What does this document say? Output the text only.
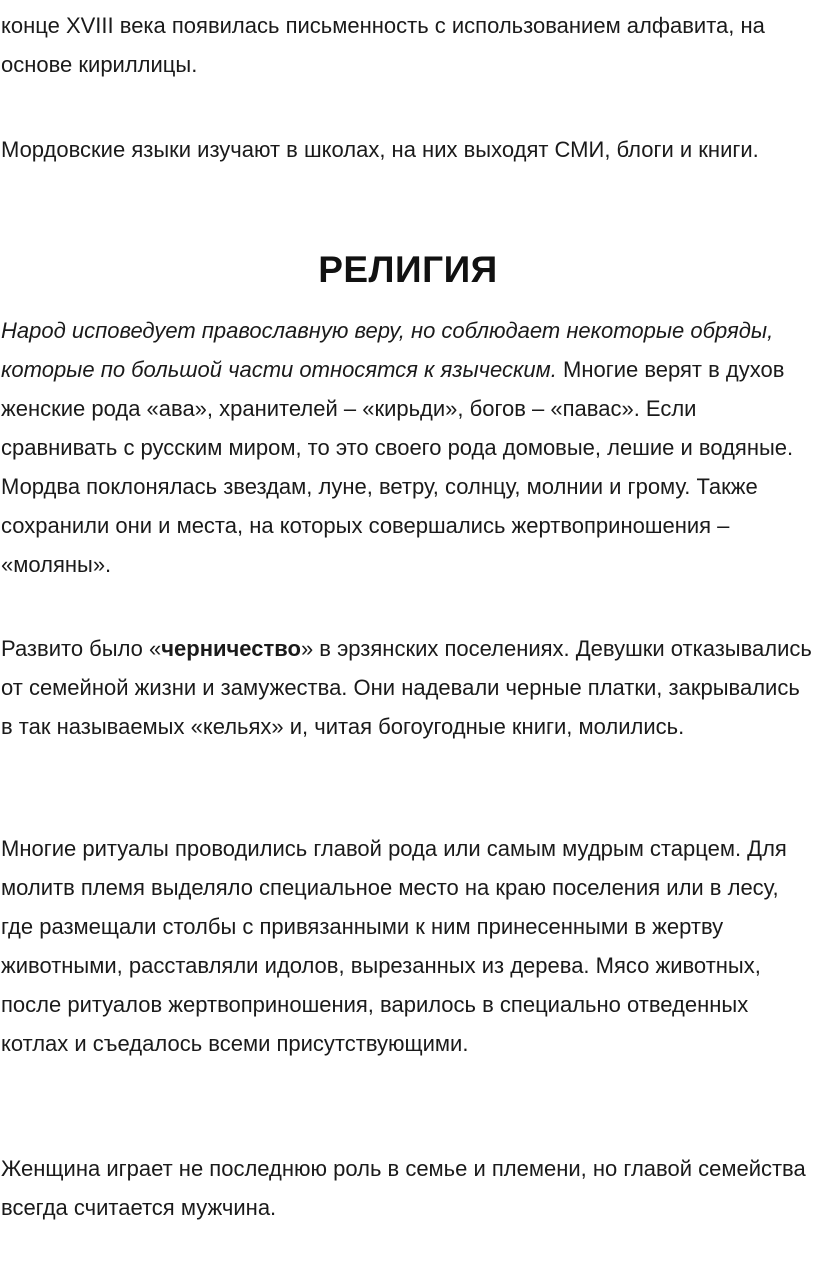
конце XVIII века появилась письменность с использованием алфавита, на основе кириллицы.

Мордовские языки изучают в школах, на них выходят СМИ, блоги и книги.

РЕЛИГИЯ

Народ исповедует православную веру, но соблюдает некоторые обряды, которые по большой части относятся к языческим. Многие верят в духов женские рода «ава», хранителей – «кирьди», богов – «павас». Если сравнивать с русским миром, то это своего рода домовые, лешие и водяные. Мордва поклонялась звездам, луне, ветру, солнцу, молнии и грому. Также сохранили они и места, на которых совершались жертвоприношения – «моляны».

Развито было «черничество» в эрзянских поселениях. Девушки отказывались от семейной жизни и замужества. Они надевали черные платки, закрывались в так называемых «кельях» и, читая богоугодные книги, молились.

Многие ритуалы проводились главой рода или самым мудрым старцем. Для молитв племя выделяло специальное место на краю поселения или в лесу, где размещали столбы с привязанными к ним принесенными в жертву животными, расставляли идолов, вырезанных из дерева. Мясо животных, после ритуалов жертвоприношения, варилось в специально отведенных котлах и съедалось всеми присутствующими.

Женщина играет не последнюю роль в семье и племени, но главой семейства всегда считается мужчина.
